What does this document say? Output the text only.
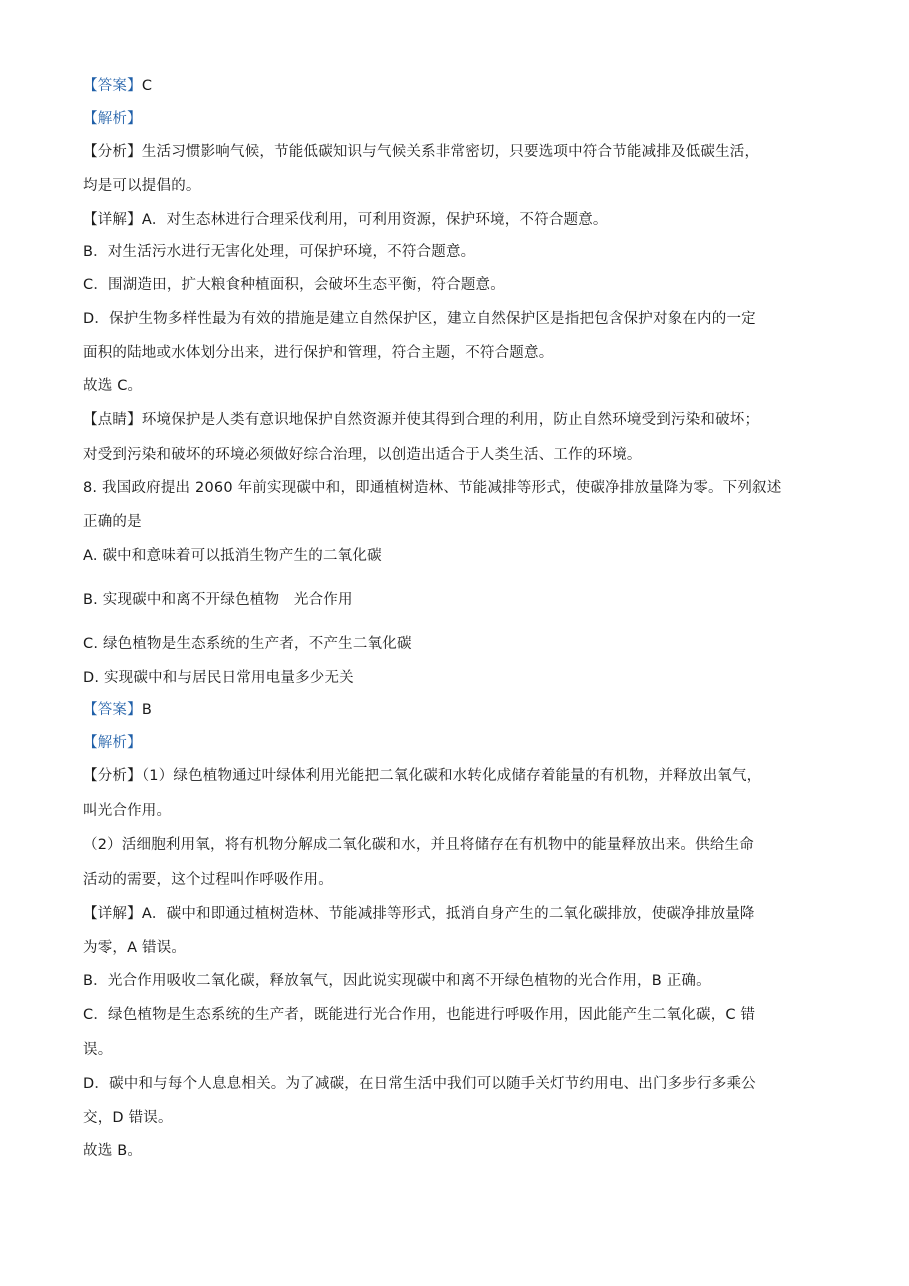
【答案】C
【解析】
【分析】生活习惯影响气候，节能低碳知识与气候关系非常密切，只要选项中符合节能减排及低碳生活，
均是可以提倡的。
【详解】A．对生态林进行合理采伐利用，可利用资源，保护环境，不符合题意。
B．对生活污水进行无害化处理，可保护环境，不符合题意。
C．围湖造田，扩大粮食种植面积，会破坏生态平衡，符合题意。
D．保护生物多样性最为有效的措施是建立自然保护区，建立自然保护区是指把包含保护对象在内的一定
面积的陆地或水体划分出来，进行保护和管理，符合主题，不符合题意。
故选 C。
【点睛】环境保护是人类有意识地保护自然资源并使其得到合理的利用，防止自然环境受到污染和破坏；
对受到污染和破坏的环境必须做好综合治理，以创造出适合于人类生活、工作的环境。
8. 我国政府提出 2060 年前实现碳中和，即通植树造林、节能减排等形式，使碳净排放量降为零。下列叙述
正确的是
A. 碳中和意味着可以抵消生物产生的二氧化碳
B. 实现碳中和离不开绿色植物　光合作用
C. 绿色植物是生态系统的生产者，不产生二氧化碳
D. 实现碳中和与居民日常用电量多少无关
【答案】B
【解析】
【分析】（1）绿色植物通过叶绿体利用光能把二氧化碳和水转化成储存着能量的有机物，并释放出氧气，
叫光合作用。
（2）活细胞利用氧，将有机物分解成二氧化碳和水，并且将储存在有机物中的能量释放出来。供给生命
活动的需要，这个过程叫作呼吸作用。
【详解】A．碳中和即通过植树造林、节能减排等形式，抵消自身产生的二氧化碳排放，使碳净排放量降
为零，A 错误。
B．光合作用吸收二氧化碳，释放氧气，因此说实现碳中和离不开绿色植物的光合作用，B 正确。
C．绿色植物是生态系统的生产者，既能进行光合作用，也能进行呼吸作用，因此能产生二氧化碳，C 错
误。
D．碳中和与每个人息息相关。为了减碳，在日常生活中我们可以随手关灯节约用电、出门多步行多乘公
交，D 错误。
故选 B。
